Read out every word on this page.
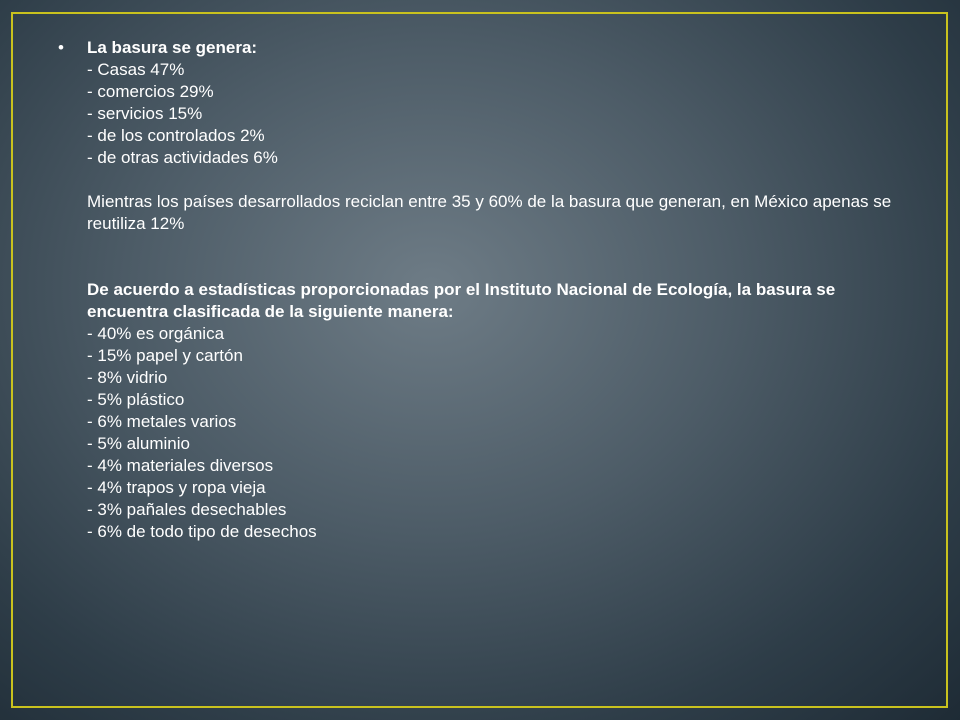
•	La basura se genera:
- Casas 47%
- comercios 29%
- servicios 15%
- de los controlados 2%
- de otras actividades 6%
Mientras los países desarrollados reciclan entre 35 y 60% de la basura que generan, en México apenas se reutiliza 12%
De acuerdo a estadísticas proporcionadas por el Instituto Nacional de Ecología, la basura se encuentra clasificada de la siguiente manera:
- 40% es orgánica
- 15% papel y cartón
- 8% vidrio
- 5% plástico
- 6% metales varios
- 5% aluminio
- 4% materiales diversos
- 4% trapos y ropa vieja
- 3% pañales desechables
- 6% de todo tipo de desechos
